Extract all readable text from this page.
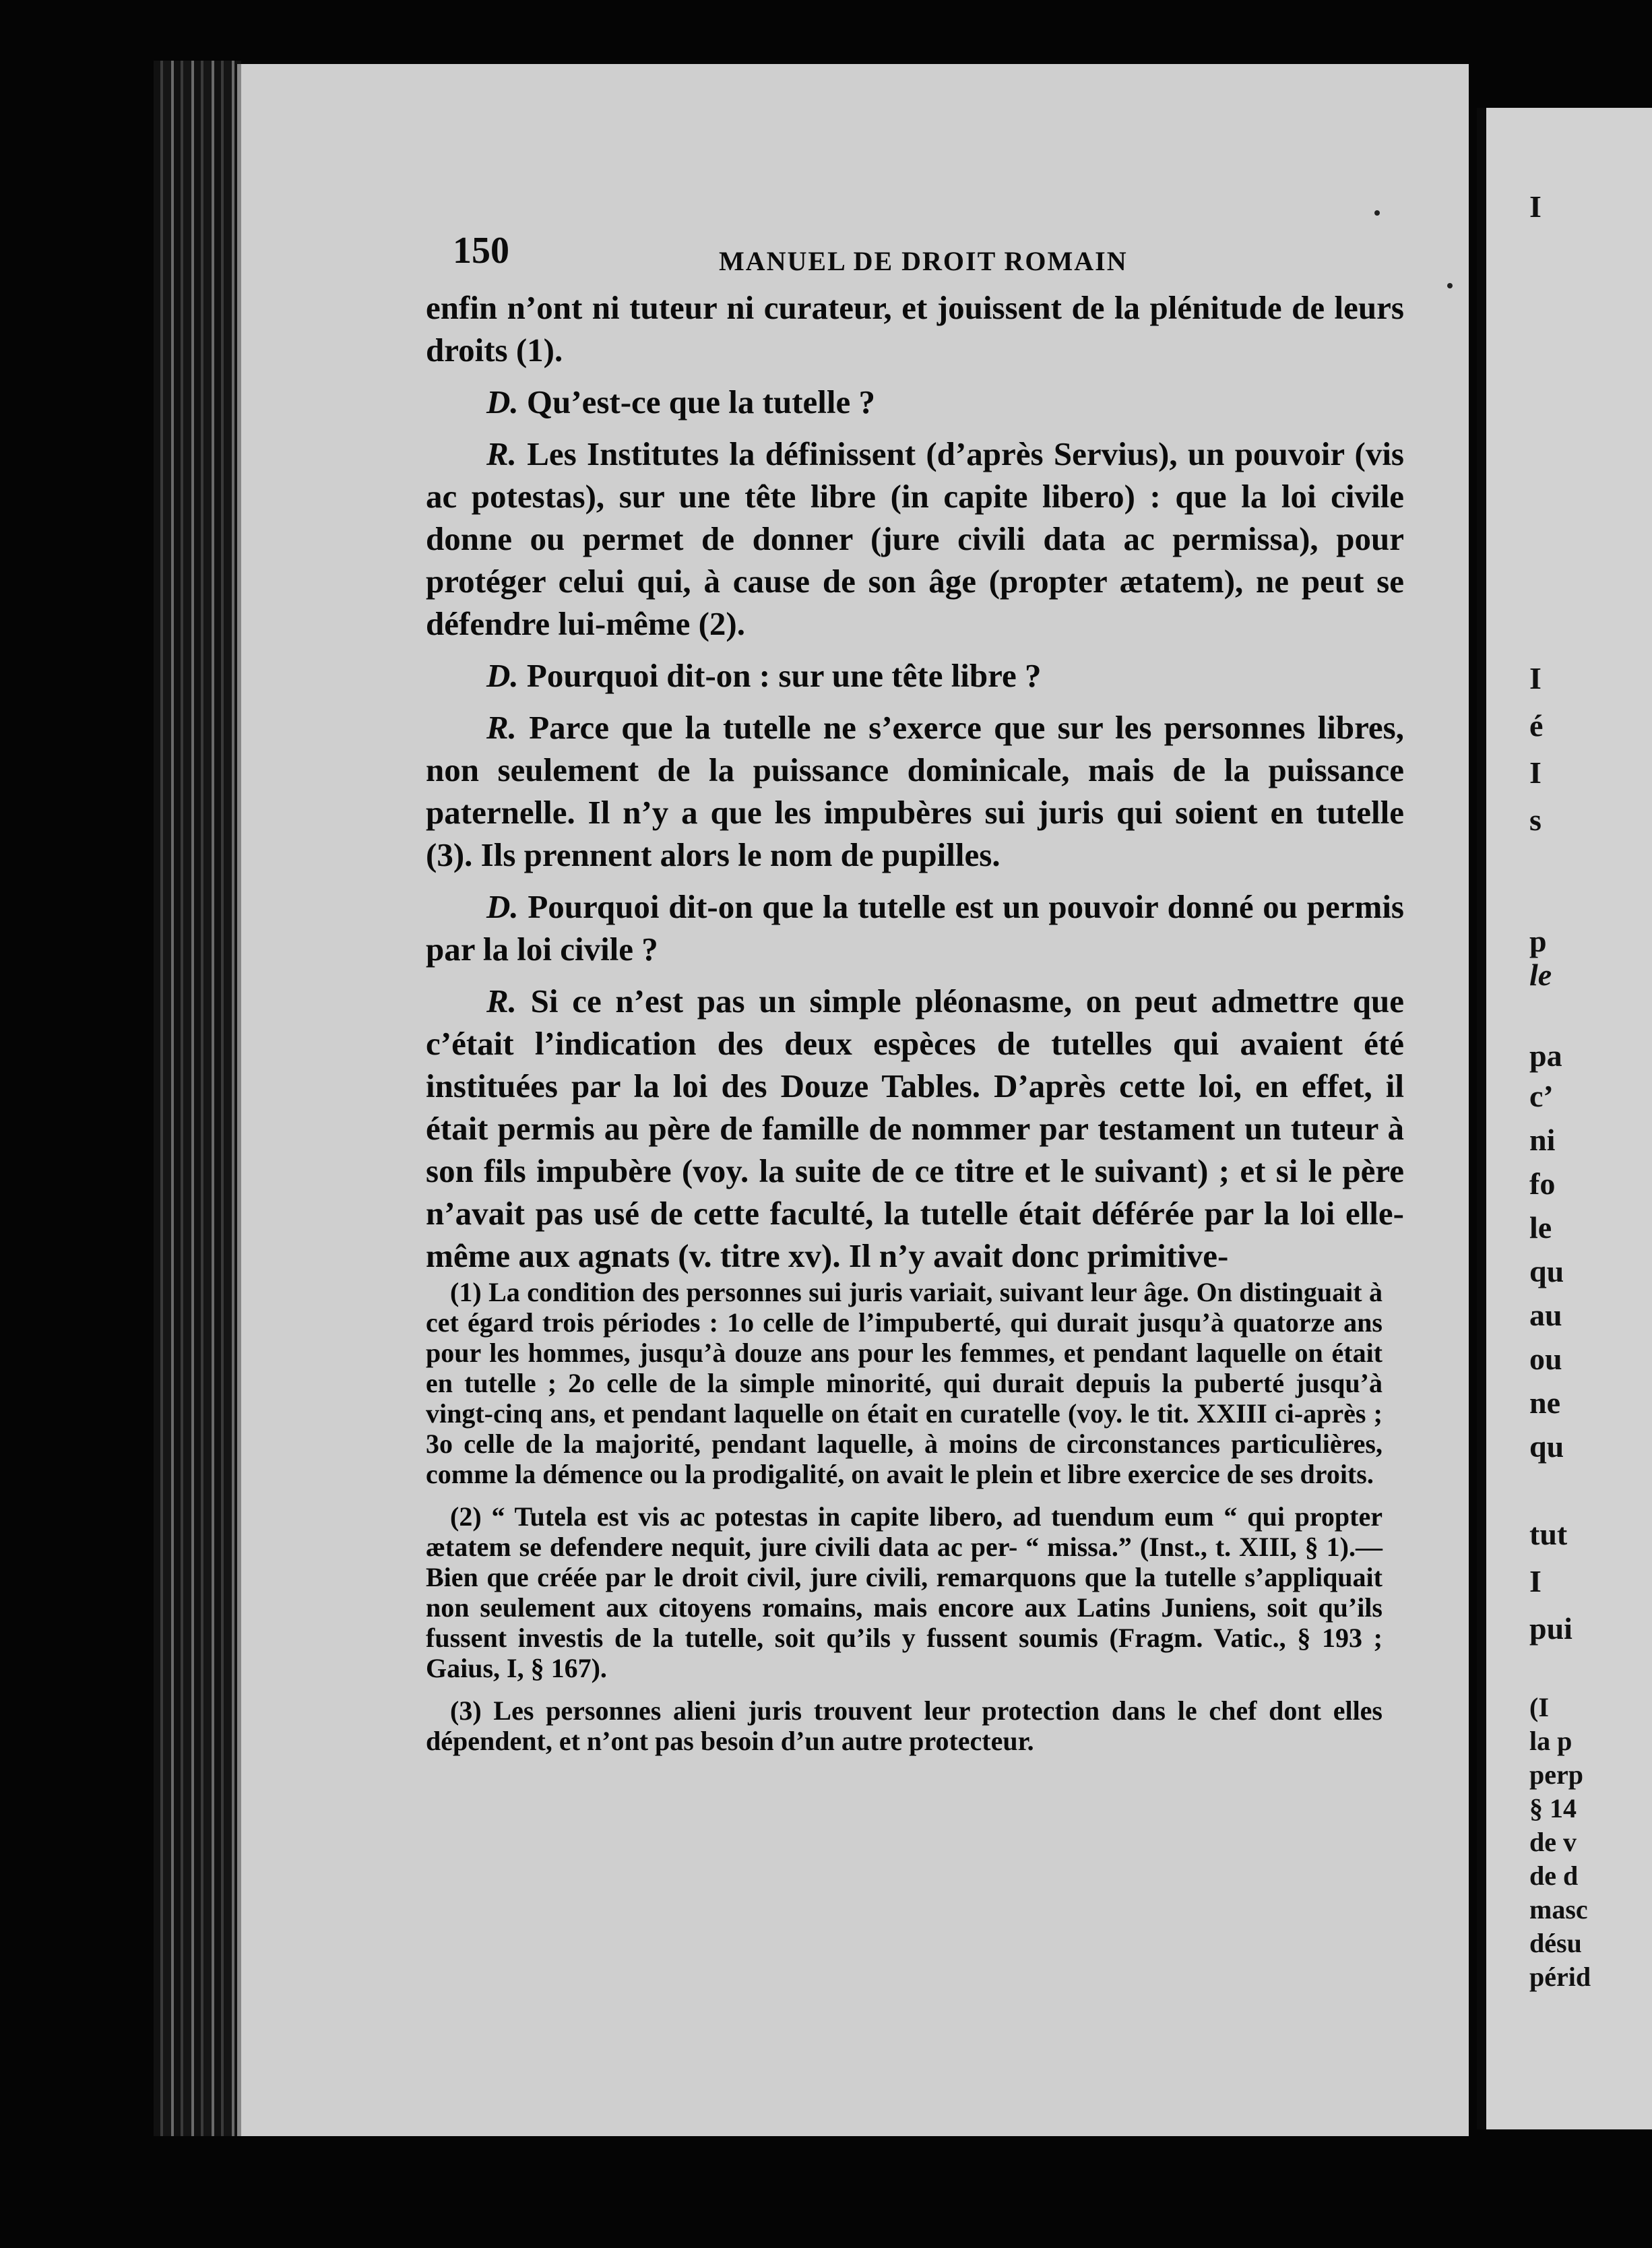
I
I
é
I
s
p
le
pa
c’
ni
fo
le
qu
au
ou
ne
qu
tut
I
pui
(I
la p
perp
§ 14
de v
de d
masc
désu
périd
150	MANUEL DE DROIT ROMAIN

enfin n’ont ni tuteur ni curateur, et jouissent de la plénitude de leurs droits (1).

D. Qu’est-ce que la tutelle ?

R. Les Institutes la définissent (d’après Servius), un pouvoir (vis ac potestas), sur une tête libre (in capite libero) : que la loi civile donne ou permet de donner (jure civili data ac permissa), pour protéger celui qui, à cause de son âge (propter ætatem), ne peut se défendre lui-même (2).

D. Pourquoi dit-on : sur une tête libre ?

R. Parce que la tutelle ne s’exerce que sur les personnes libres, non seulement de la puissance dominicale, mais de la puissance paternelle. Il n’y a que les impubères sui juris qui soient en tutelle (3). Ils prennent alors le nom de pupilles.

D. Pourquoi dit-on que la tutelle est un pouvoir donné ou permis par la loi civile ?

R. Si ce n’est pas un simple pléonasme, on peut admettre que c’était l’indication des deux espèces de tutelles qui avaient été instituées par la loi des Douze Tables. D’après cette loi, en effet, il était permis au père de famille de nommer par testament un tuteur à son fils impubère (voy. la suite de ce titre et le suivant) ; et si le père n’avait pas usé de cette faculté, la tutelle était déférée par la loi elle-même aux agnats (v. titre xv). Il n’y avait donc primitive-

(1) La condition des personnes sui juris variait, suivant leur âge. On distinguait à cet égard trois périodes : 1o celle de l’impuberté, qui durait jusqu’à quatorze ans pour les hommes, jusqu’à douze ans pour les femmes, et pendant laquelle on était en tutelle ; 2o celle de la simple minorité, qui durait depuis la puberté jusqu’à vingt-cinq ans, et pendant laquelle on était en curatelle (voy. le tit. XXIII ci-après ; 3o celle de la majorité, pendant laquelle, à moins de circonstances particulières, comme la démence ou la prodigalité, on avait le plein et libre exercice de ses droits.

(2) “ Tutela est vis ac potestas in capite libero, ad tuendum eum “ qui propter ætatem se defendere nequit, jure civili data ac per- “ missa.” (Inst., t. XIII, § 1).—Bien que créée par le droit civil, jure civili, remarquons que la tutelle s’appliquait non seulement aux citoyens romains, mais encore aux Latins Juniens, soit qu’ils fussent investis de la tutelle, soit qu’ils y fussent soumis (Fragm. Vatic., § 193 ; Gaius, I, § 167).

(3) Les personnes alieni juris trouvent leur protection dans le chef dont elles dépendent, et n’ont pas besoin d’un autre protecteur.
